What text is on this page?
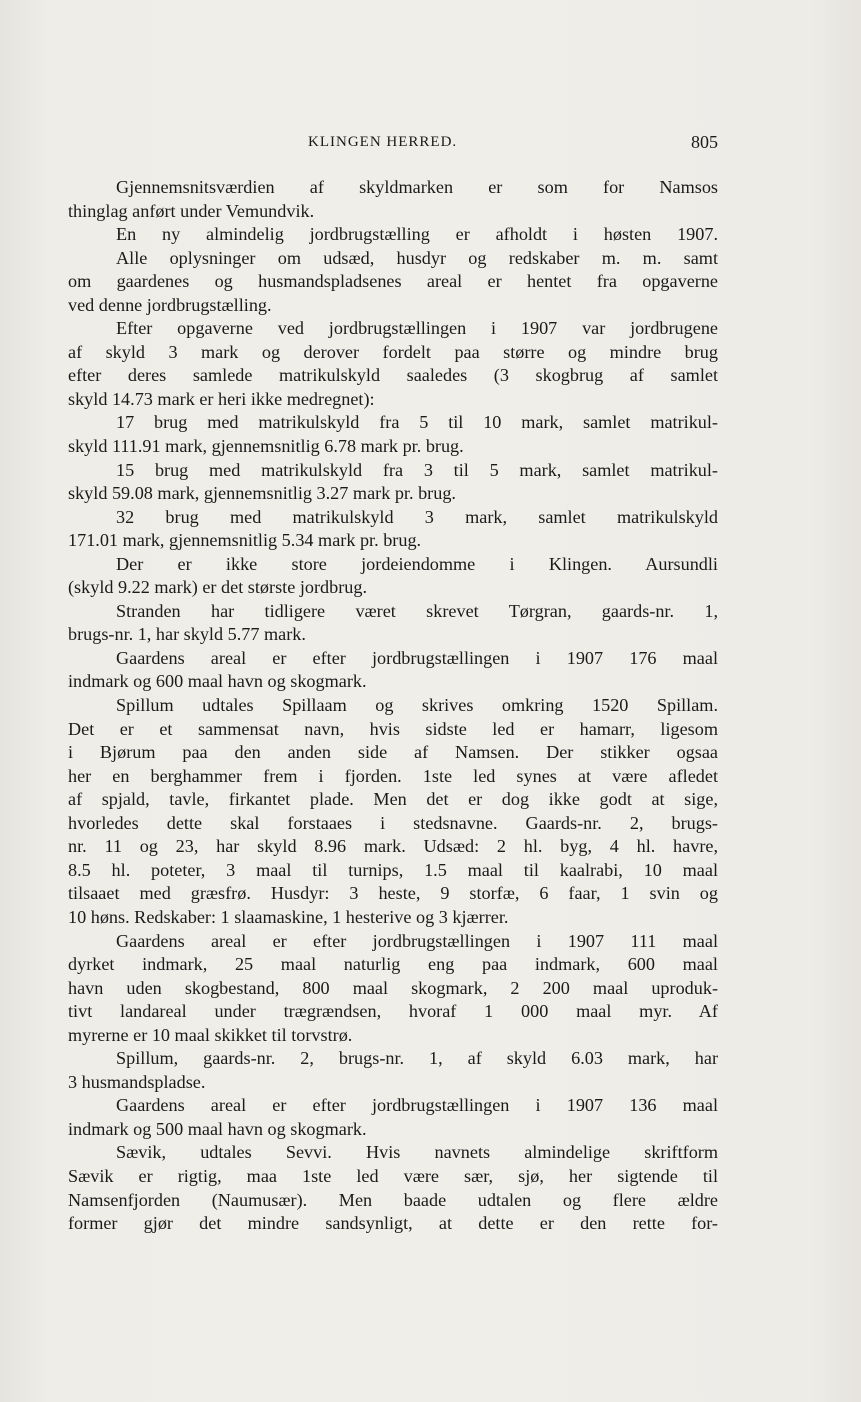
KLINGEN HERRED.	805
Gjennemsnitsværdien af skyldmarken er som for Namsos
thinglag anført under Vemundvik.
En ny almindelig jordbrugstælling er afholdt i høsten 1907.
Alle oplysninger om udsæd, husdyr og redskaber m. m. samt
om gaardenes og husmandspladsenes areal er hentet fra opgaverne
ved denne jordbrugstælling.
Efter opgaverne ved jordbrugstællingen i 1907 var jordbrugene
af skyld 3 mark og derover fordelt paa større og mindre brug
efter deres samlede matrikulskyld saaledes (3 skogbrug af samlet
skyld 14.73 mark er heri ikke medregnet):
17 brug med matrikulskyld fra 5 til 10 mark, samlet matrikul-
skyld 111.91 mark, gjennemsnitlig 6.78 mark pr. brug.
15 brug med matrikulskyld fra 3 til 5 mark, samlet matrikul-
skyld 59.08 mark, gjennemsnitlig 3.27 mark pr. brug.
32 brug med matrikulskyld 3 mark, samlet matrikulskyld
171.01 mark, gjennemsnitlig 5.34 mark pr. brug.
Der er ikke store jordeiendomme i Klingen. Aursundli
(skyld 9.22 mark) er det største jordbrug.
Stranden har tidligere været skrevet Tørgran, gaards-nr. 1,
brugs-nr. 1, har skyld 5.77 mark.
Gaardens areal er efter jordbrugstællingen i 1907 176 maal
indmark og 600 maal havn og skogmark.
Spillum udtales Spillaam og skrives omkring 1520 Spillam.
Det er et sammensat navn, hvis sidste led er hamarr, ligesom
i Bjørum paa den anden side af Namsen. Der stikker ogsaa
her en berghammer frem i fjorden. 1ste led synes at være afledet
af spjald, tavle, firkantet plade. Men det er dog ikke godt at sige,
hvorledes dette skal forstaaes i stedsnavne. Gaards-nr. 2, brugs-
nr. 11 og 23, har skyld 8.96 mark. Udsæd: 2 hl. byg, 4 hl. havre,
8.5 hl. poteter, 3 maal til turnips, 1.5 maal til kaalrabi, 10 maal
tilsaaet med græsfrø. Husdyr: 3 heste, 9 storfæ, 6 faar, 1 svin og
10 høns. Redskaber: 1 slaamaskine, 1 hesterive og 3 kjærrer.
Gaardens areal er efter jordbrugstællingen i 1907 111 maal
dyrket indmark, 25 maal naturlig eng paa indmark, 600 maal
havn uden skogbestand, 800 maal skogmark, 2 200 maal uproduk-
tivt landareal under trægrændsen, hvoraf 1 000 maal myr. Af
myrerne er 10 maal skikket til torvstrø.
Spillum, gaards-nr. 2, brugs-nr. 1, af skyld 6.03 mark, har
3 husmandspladse.
Gaardens areal er efter jordbrugstællingen i 1907 136 maal
indmark og 500 maal havn og skogmark.
Sævik, udtales Sevvi. Hvis navnets almindelige skriftform
Sævik er rigtig, maa 1ste led være sær, sjø, her sigtende til
Namsenfjorden (Naumusær). Men baade udtalen og flere ældre
former gjør det mindre sandsynligt, at dette er den rette for-
